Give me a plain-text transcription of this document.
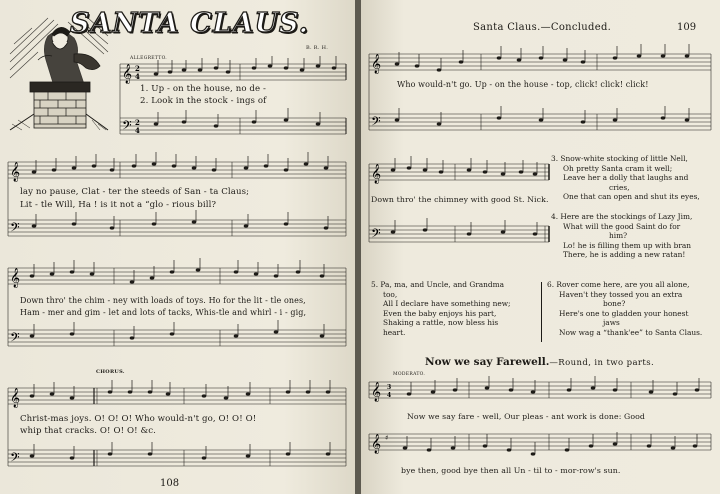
SANTA CLAUS.
B. R. H.
ALLEGRETTO.
𝄞
𝄢
2
4
2
4
1. Up - on the house, no de -
2. Look in the stock - ings of
𝄞
𝄢
lay no pause, Clat - ter the steeds of San - ta Claus;
Lit - tle Will, Ha ! is it not a “glo - rious bill?
𝄞
𝄢
Down thro' the chim - ney with loads of toys. Ho for the lit - tle ones,
Ham - mer and gim - let and lots of tacks, Whis-tle and whirl - i - gig,
CHORUS.
𝄞
𝄢
Christ-mas joys. O! O! O! Who would-n't go, O! O! O!
whip that cracks. O! O! O! &c.
108
Santa Claus.—Concluded.	109
𝄞
𝄢
Who would-n't go. Up - on the house - top, click! click! click!
𝄞
𝄢
Down thro' the chimney with good St. Nick.
3. Snow-white stocking of little Nell,
Oh pretty Santa cram it well;
Leave her a dolly that laughs and
cries,
One that can open and shut its eyes,
4. Here are the stockings of Lazy Jim,
What will the good Saint do for
him?
Lo! he is filling them up with bran
There, he is adding a new ratan!
5. Pa, ma, and Uncle, and Grandma
too,
All I declare have something new;
Even the baby enjoys his part,
Shaking a rattle, now bless his
heart.
6. Rover come here, are you all alone,
Haven't they tossed you an extra
bone?
Here's one to gladden your honest
jaws
Now wag a “thank'ee” to Santa Claus.
Now we say Farewell.—Round, in two parts.
MODERATO.
𝄞 3
4
Now we say fare - well, Our pleas - ant work is done: Good
𝄞 ♯
bye then, good bye then all Un - til to - mor-row's sun.
